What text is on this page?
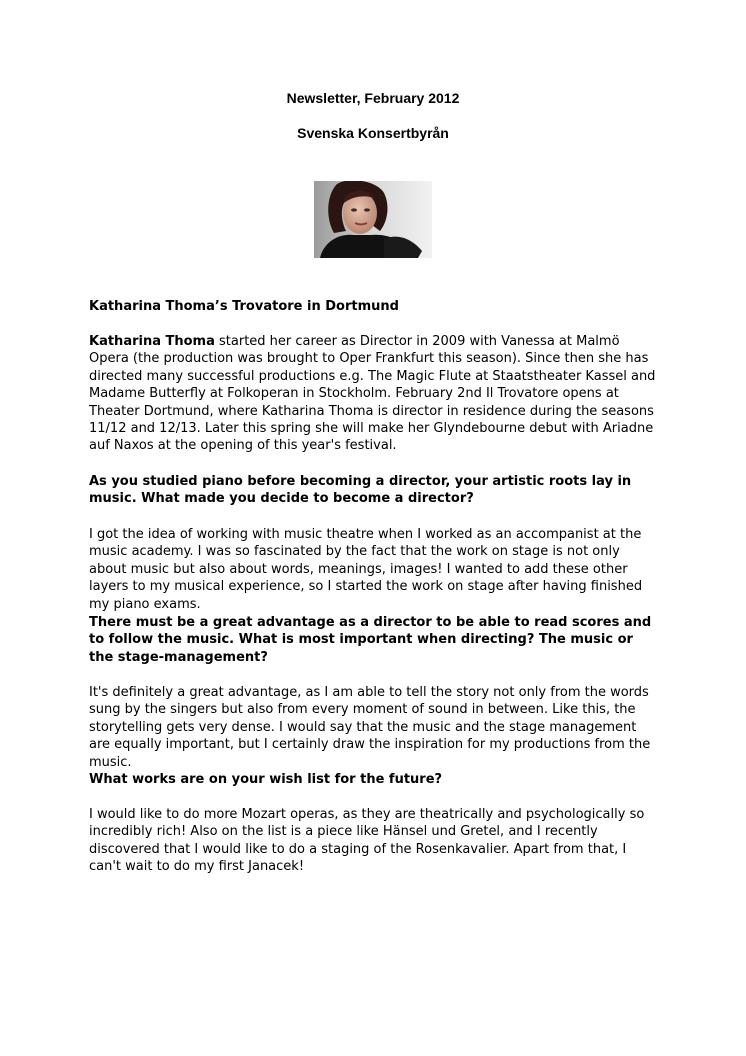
Newsletter, February 2012

Svenska Konsertbyrån

Katharina Thoma’s Trovatore in Dortmund

Katharina Thoma started her career as Director in 2009 with Vanessa at Malmö Opera (the production was brought to Oper Frankfurt this season). Since then she has directed many successful productions e.g. The Magic Flute at Staatstheater Kassel and Madame Butterfly at Folkoperan in Stockholm. February 2nd Il Trovatore opens at Theater Dortmund, where Katharina Thoma is director in residence during the seasons 11/12 and 12/13. Later this spring she will make her Glyndebourne debut with Ariadne auf Naxos at the opening of this year's festival.

As you studied piano before becoming a director, your artistic roots lay in music. What made you decide to become a director?

I got the idea of working with music theatre when I worked as an accompanist at the music academy. I was so fascinated by the fact that the work on stage is not only about music but also about words, meanings, images! I wanted to add these other layers to my musical experience, so I started the work on stage after having finished my piano exams.

There must be a great advantage as a director to be able to read scores and to follow the music. What is most important when directing? The music or the stage-management?

It's definitely a great advantage, as I am able to tell the story not only from the words sung by the singers but also from every moment of sound in between. Like this, the storytelling gets very dense. I would say that the music and the stage management are equally important, but I certainly draw the inspiration for my productions from the music.

What works are on your wish list for the future?

I would like to do more Mozart operas, as they are theatrically and psychologically so incredibly rich! Also on the list is a piece like Hänsel und Gretel, and I recently discovered that I would like to do a staging of the Rosenkavalier. Apart from that, I can't wait to do my first Janacek!
